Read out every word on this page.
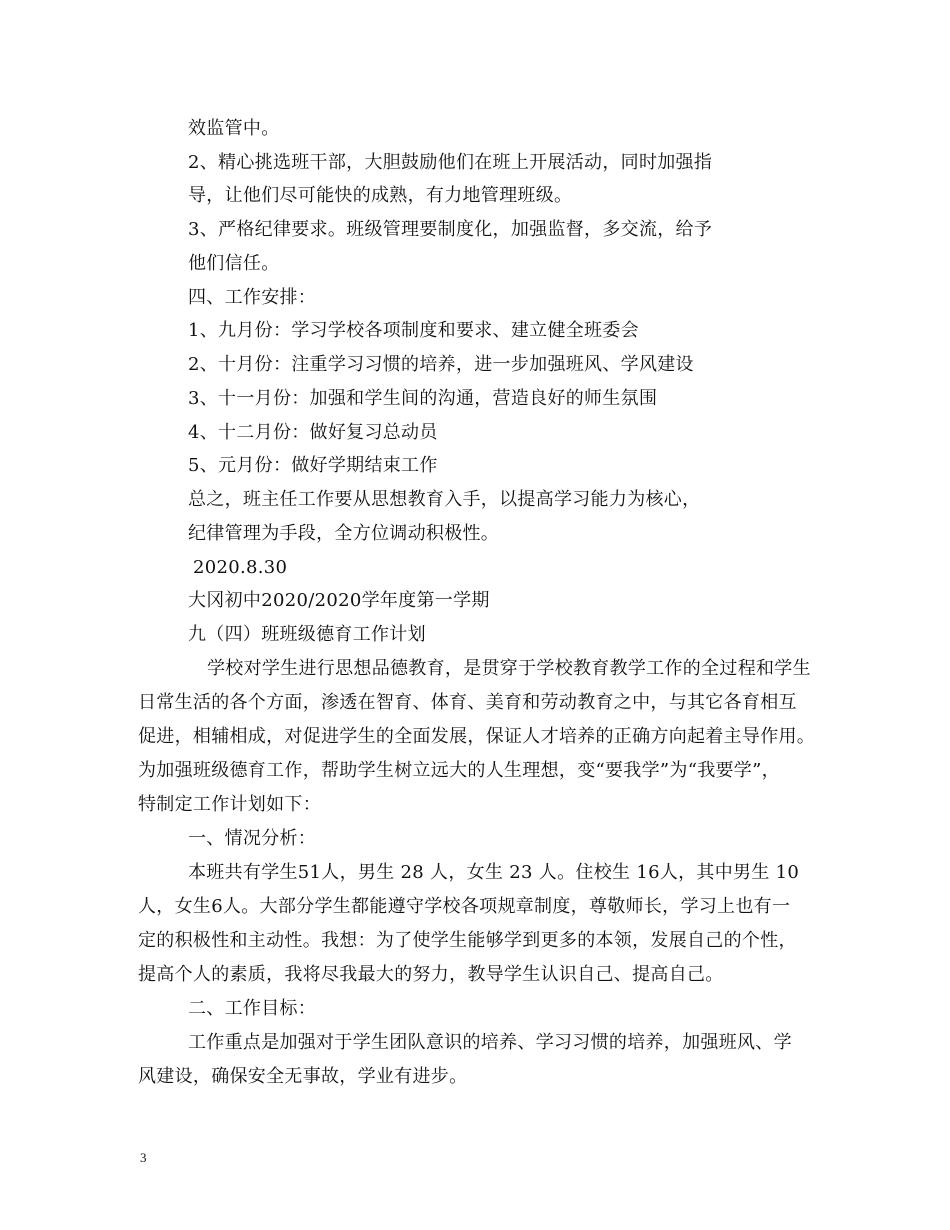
效监管中。
2、精心挑选班干部，大胆鼓励他们在班上开展活动，同时加强指
导，让他们尽可能快的成熟，有力地管理班级。
3、严格纪律要求。班级管理要制度化，加强监督，多交流，给予
他们信任。
四、工作安排：
1、九月份：学习学校各项制度和要求、建立健全班委会
2、十月份：注重学习习惯的培养，进一步加强班风、学风建设
3、十一月份：加强和学生间的沟通，营造良好的师生氛围
4、十二月份：做好复习总动员
5、元月份：做好学期结束工作
总之，班主任工作要从思想教育入手，以提高学习能力为核心，
纪律管理为手段，全方位调动积极性。
2020.8.30
大冈初中2020/2020学年度第一学期
九（四）班班级德育工作计划
学校对学生进行思想品德教育，是贯穿于学校教育教学工作的全过程和学生
日常生活的各个方面，渗透在智育、体育、美育和劳动教育之中，与其它各育相互
促进，相辅相成，对促进学生的全面发展，保证人才培养的正确方向起着主导作用。
为加强班级德育工作，帮助学生树立远大的人生理想，变“要我学”为“我要学”，
特制定工作计划如下：
一、情况分析：
本班共有学生51人，男生 28 人，女生 23 人。住校生 16人，其中男生 10
人，女生6人。大部分学生都能遵守学校各项规章制度，尊敬师长，学习上也有一
定的积极性和主动性。我想：为了使学生能够学到更多的本领，发展自己的个性，
提高个人的素质，我将尽我最大的努力，教导学生认识自己、提高自己。
二、工作目标：
工作重点是加强对于学生团队意识的培养、学习习惯的培养，加强班风、学
风建设，确保安全无事故，学业有进步。
3
